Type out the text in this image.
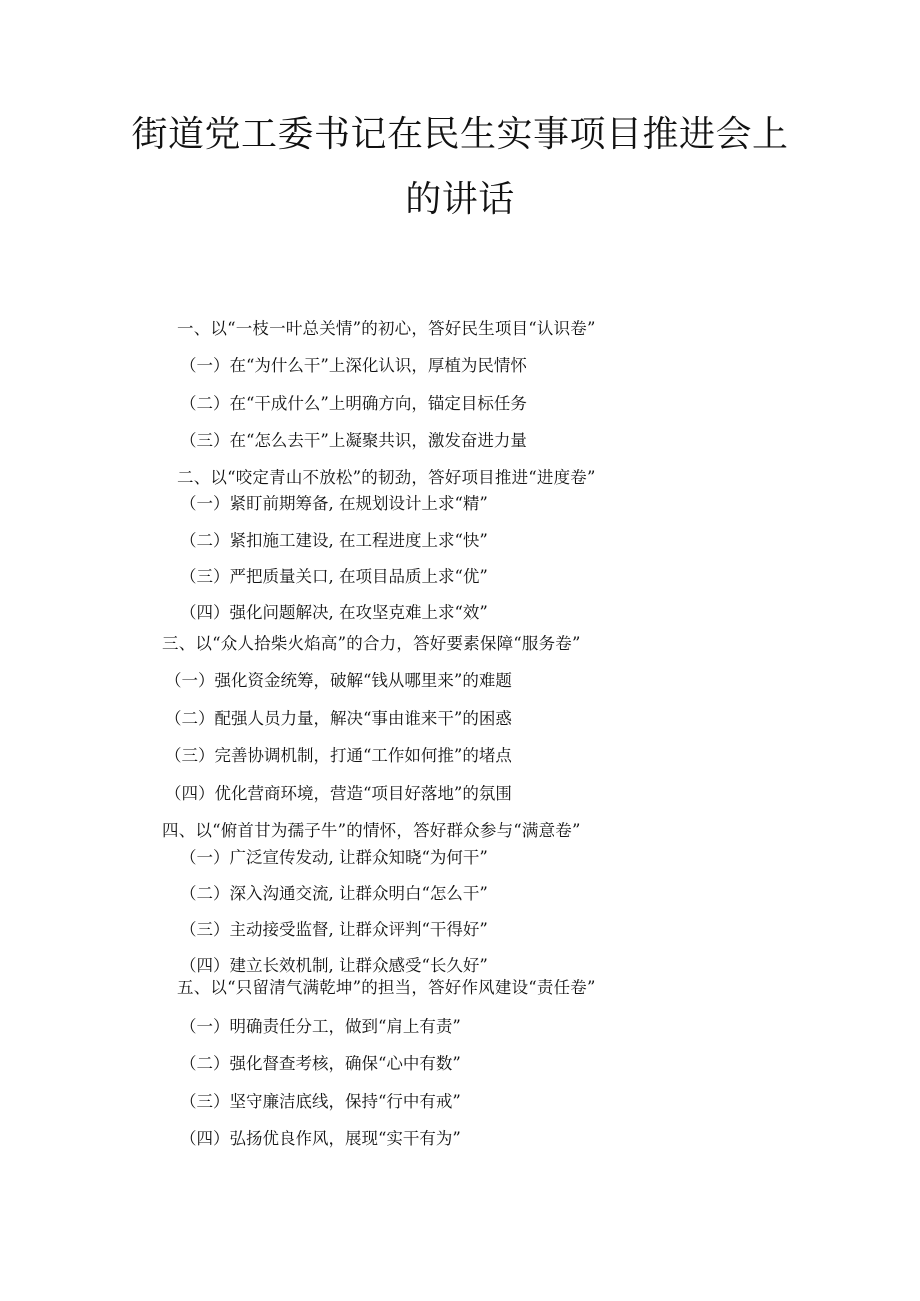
街道党工委书记在民生实事项目推进会上
的讲话
一、以“一枝一叶总关情”的初心，答好民生项目“认识卷”
（一）在“为什么干”上深化认识，厚植为民情怀
（二）在“干成什么”上明确方向，锚定目标任务
（三）在“怎么去干”上凝聚共识，激发奋进力量
二、以“咬定青山不放松”的韧劲，答好项目推进“进度卷”
（一）紧盯前期筹备, 在规划设计上求“精”
（二）紧扣施工建设, 在工程进度上求“快”
（三）严把质量关口, 在项目品质上求“优”
（四）强化问题解决, 在攻坚克难上求“效”
三、以“众人拾柴火焰高”的合力，答好要素保障“服务卷”
（一）强化资金统筹，破解“钱从哪里来”的难题
（二）配强人员力量，解决“事由谁来干”的困惑
（三）完善协调机制，打通“工作如何推”的堵点
（四）优化营商环境，营造“项目好落地”的氛围
四、以“俯首甘为孺子牛”的情怀，答好群众参与“满意卷”
（一）广泛宣传发动, 让群众知晓“为何干”
（二）深入沟通交流, 让群众明白“怎么干”
（三）主动接受监督, 让群众评判“干得好”
（四）建立长效机制, 让群众感受“长久好”
五、以“只留清气满乾坤”的担当，答好作风建设“责任卷”
（一）明确责任分工，做到“肩上有责”
（二）强化督查考核，确保“心中有数”
（三）坚守廉洁底线，保持“行中有戒”
（四）弘扬优良作风，展现“实干有为”
